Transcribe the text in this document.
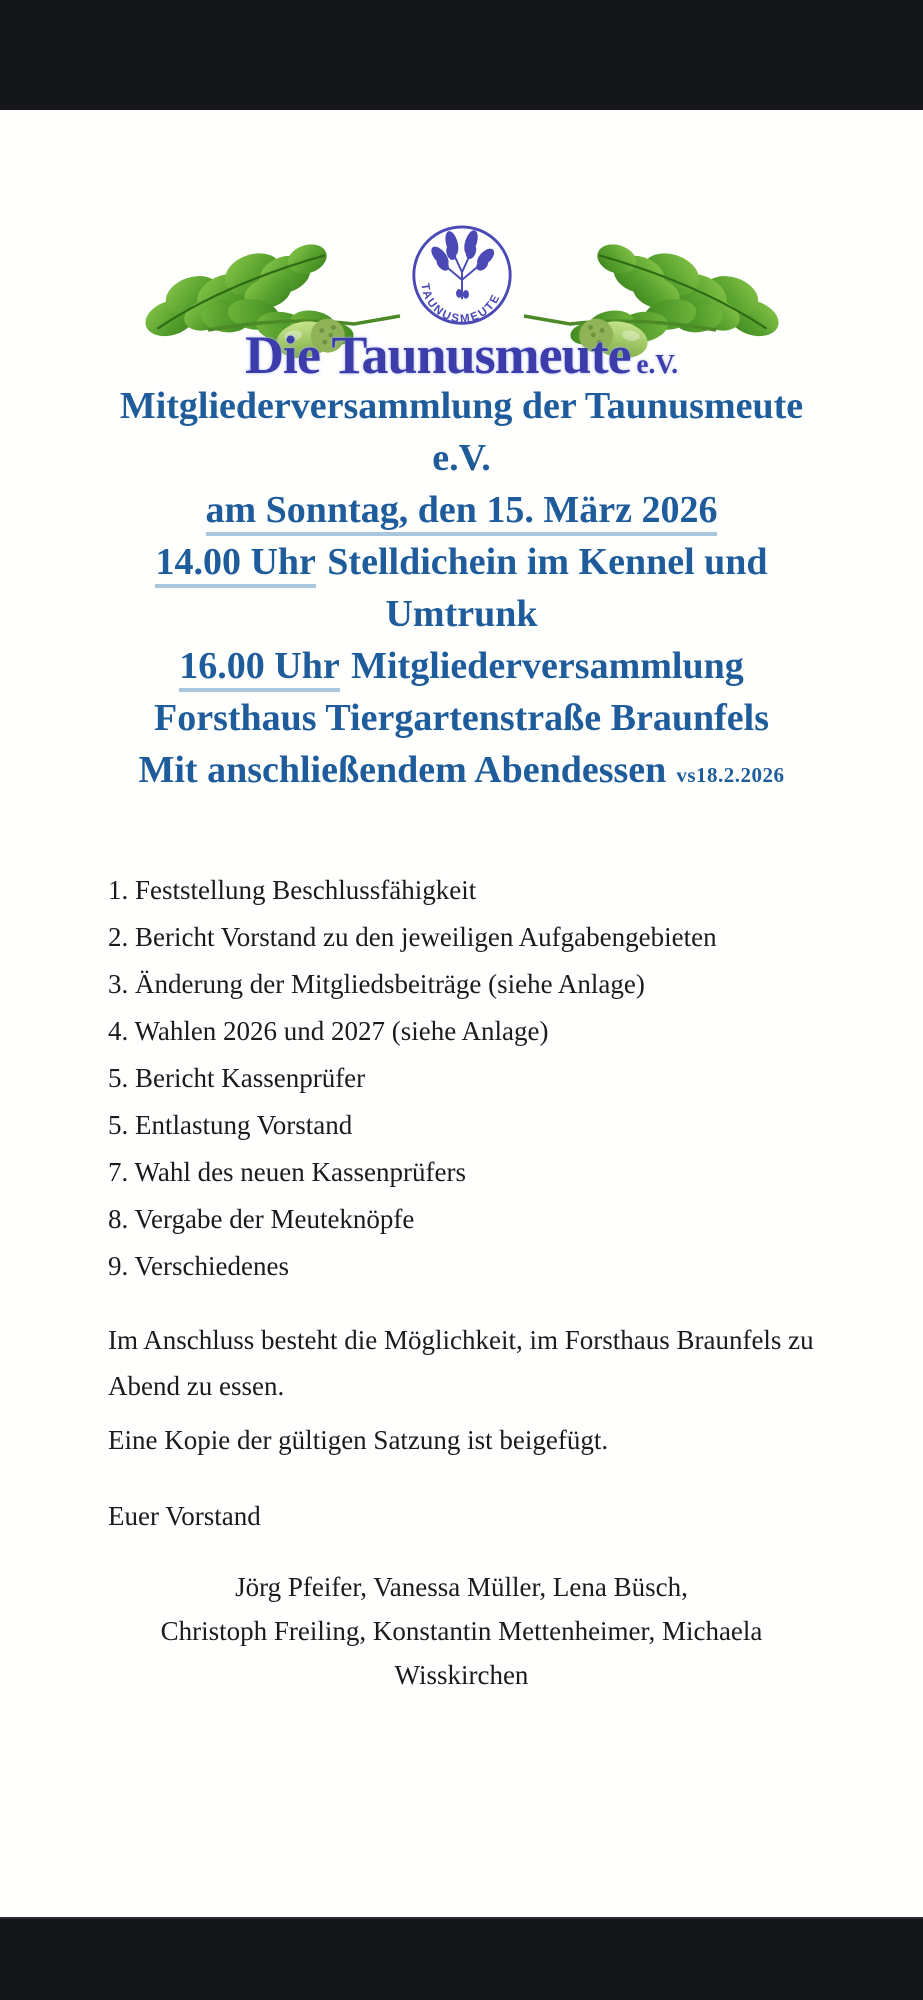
TAUNUSMEUTE
Die Taunusmeute e.V.
Mitgliederversammlung der Taunusmeute
e.V.
am Sonntag, den 15. März 2026
14.00 Uhr Stelldichein im Kennel und Umtrunk
16.00 Uhr Mitgliederversammlung
Forsthaus Tiergartenstraße Braunfels
Mit anschließendem Abendessen vs18.2.2026
1. Feststellung Beschlussfähigkeit
2. Bericht Vorstand zu den jeweiligen Aufgabengebieten
3. Änderung der Mitgliedsbeiträge (siehe Anlage)
4. Wahlen 2026 und 2027 (siehe Anlage)
5. Bericht Kassenprüfer
5. Entlastung Vorstand
7. Wahl des neuen Kassenprüfers
8. Vergabe der Meuteknöpfe
9. Verschiedenes
Im Anschluss besteht die Möglichkeit, im Forsthaus Braunfels zu Abend zu essen.
Eine Kopie der gültigen Satzung ist beigefügt.
Euer Vorstand
Jörg Pfeifer, Vanessa Müller, Lena Büsch,
Christoph Freiling, Konstantin Mettenheimer, Michaela
Wisskirchen
